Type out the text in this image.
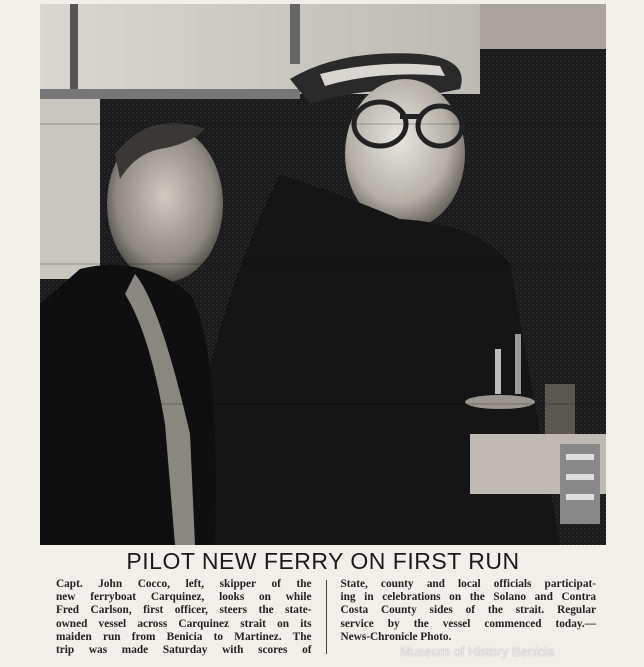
PILOT NEW FERRY ON FIRST RUN
Capt. John Cocco, left, skipper of the
new ferryboat Carquinez, looks on while
Fred Carlson, first officer, steers the state-
owned vessel across Carquinez strait on its
maiden run from Benicia to Martinez. The
trip was made Saturday with scores of
State, county and local officials participat-
ing in celebrations on the Solano and Contra
Costa County sides of the strait. Regular
service by the vessel commenced today.—
News-Chronicle Photo.
Museum of History Benicia
